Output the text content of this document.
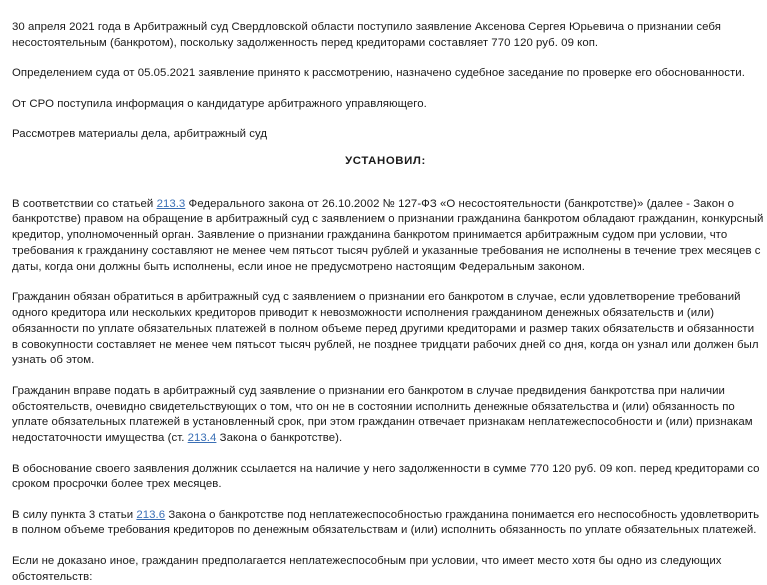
30 апреля 2021 года в Арбитражный суд Свердловской области поступило заявление Аксенова Сергея Юрьевича о признании себя
несостоятельным (банкротом), поскольку задолженность перед кредиторами составляет 770 120 руб. 09 коп.
Определением суда от 05.05.2021 заявление принято к рассмотрению, назначено судебное заседание по проверке его обоснованности.
От СРО поступила информация о кандидатуре арбитражного управляющего.
Рассмотрев материалы дела, арбитражный суд
УСТАНОВИЛ:
В соответствии со статьей 213.3 Федерального закона от 26.10.2002 № 127-ФЗ «О несостоятельности (банкротстве)» (далее - Закон о
банкротстве) правом на обращение в арбитражный суд с заявлением о признании гражданина банкротом обладают гражданин, конкурсный
кредитор, уполномоченный орган. Заявление о признании гражданина банкротом принимается арбитражным судом при условии, что
требования к гражданину составляют не менее чем пятьсот тысяч рублей и указанные требования не исполнены в течение трех месяцев с
даты, когда они должны быть исполнены, если иное не предусмотрено настоящим Федеральным законом.
Гражданин обязан обратиться в арбитражный суд с заявлением о признании его банкротом в случае, если удовлетворение требований
одного кредитора или нескольких кредиторов приводит к невозможности исполнения гражданином денежных обязательств и (или)
обязанности по уплате обязательных платежей в полном объеме перед другими кредиторами и размер таких обязательств и обязанности
в совокупности составляет не менее чем пятьсот тысяч рублей, не позднее тридцати рабочих дней со дня, когда он узнал или должен был
узнать об этом.
Гражданин вправе подать в арбитражный суд заявление о признании его банкротом в случае предвидения банкротства при наличии
обстоятельств, очевидно свидетельствующих о том, что он не в состоянии исполнить денежные обязательства и (или) обязанность по
уплате обязательных платежей в установленный срок, при этом гражданин отвечает признакам неплатежеспособности и (или) признакам
недостаточности имущества (ст. 213.4 Закона о банкротстве).
В обоснование своего заявления должник ссылается на наличие у него задолженности в сумме 770 120 руб. 09 коп. перед кредиторами со
сроком просрочки более трех месяцев.
В силу пункта 3 статьи 213.6 Закона о банкротстве под неплатежеспособностью гражданина понимается его неспособность удовлетворить
в полном объеме требования кредиторов по денежным обязательствам и (или) исполнить обязанность по уплате обязательных платежей.
Если не доказано иное, гражданин предполагается неплатежеспособным при условии, что имеет место хотя бы одно из следующих
обстоятельств:
